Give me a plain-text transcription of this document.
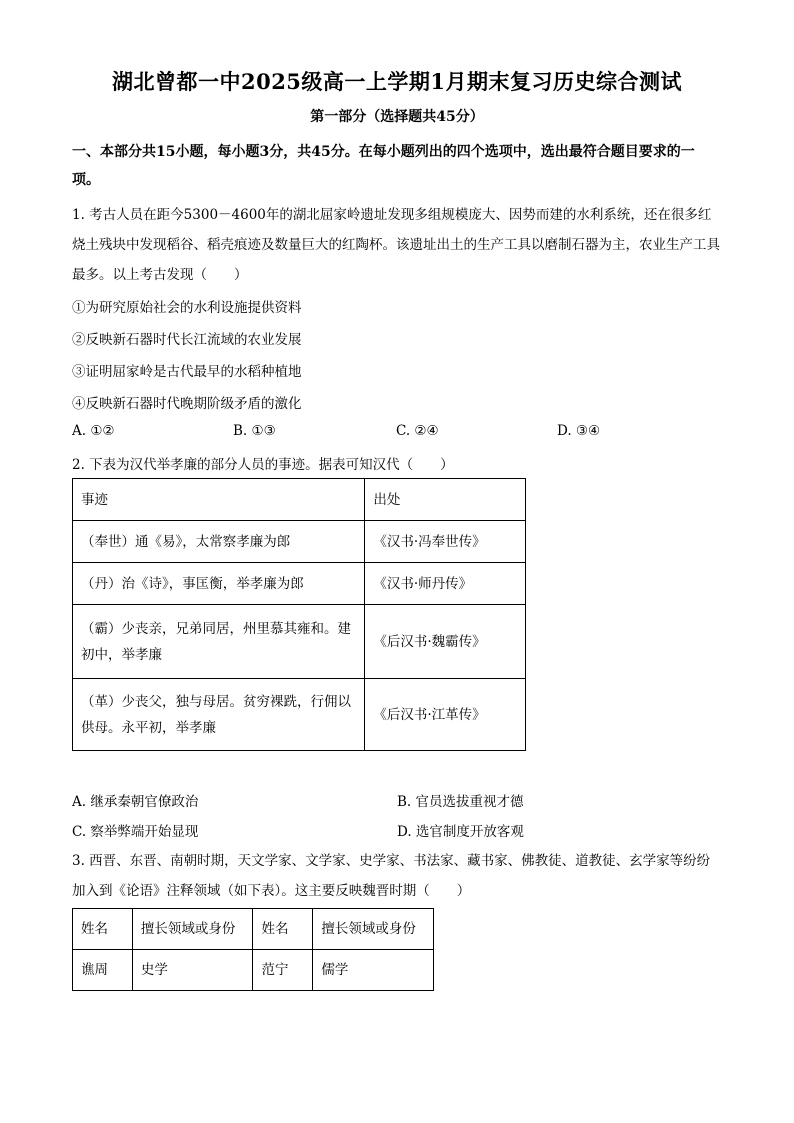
湖北曾都一中2025级高一上学期1月期末复习历史综合测试
第一部分（选择题共45分）
一、本部分共15小题，每小题3分，共45分。在每小题列出的四个选项中，选出最符合题目要求的一项。
1. 考古人员在距今5300－4600年的湖北屈家岭遗址发现多组规模庞大、因势而建的水利系统，还在很多红烧土残块中发现稻谷、稻壳痕迹及数量巨大的红陶杯。该遗址出土的生产工具以磨制石器为主，农业生产工具最多。以上考古发现（　　）
①为研究原始社会的水利设施提供资料
②反映新石器时代长江流域的农业发展
③证明屈家岭是古代最早的水稻种植地
④反映新石器时代晚期阶级矛盾的激化
A. ①②	B. ①③	C. ②④	D. ③④
2. 下表为汉代举孝廉的部分人员的事迹。据表可知汉代（　　）
事迹	出处
（奉世）通《易》，太常察孝廉为郎	《汉书·冯奉世传》
（丹）治《诗》，事匡衡，举孝廉为郎	《汉书·师丹传》
（霸）少丧亲，兄弟同居，州里慕其雍和。建初中，举孝廉	《后汉书·魏霸传》
（革）少丧父，独与母居。贫穷裸跣，行佣以供母。永平初，举孝廉	《后汉书·江革传》
A. 继承秦朝官僚政治	B. 官员选拔重视才德
C. 察举弊端开始显现	D. 选官制度开放客观
3. 西晋、东晋、南朝时期，天文学家、文学家、史学家、书法家、藏书家、佛教徒、道教徒、玄学家等纷纷加入到《论语》注释领域（如下表）。这主要反映魏晋时期（　　）
姓名	擅长领域或身份	姓名	擅长领域或身份
谯周	史学	范宁	儒学
